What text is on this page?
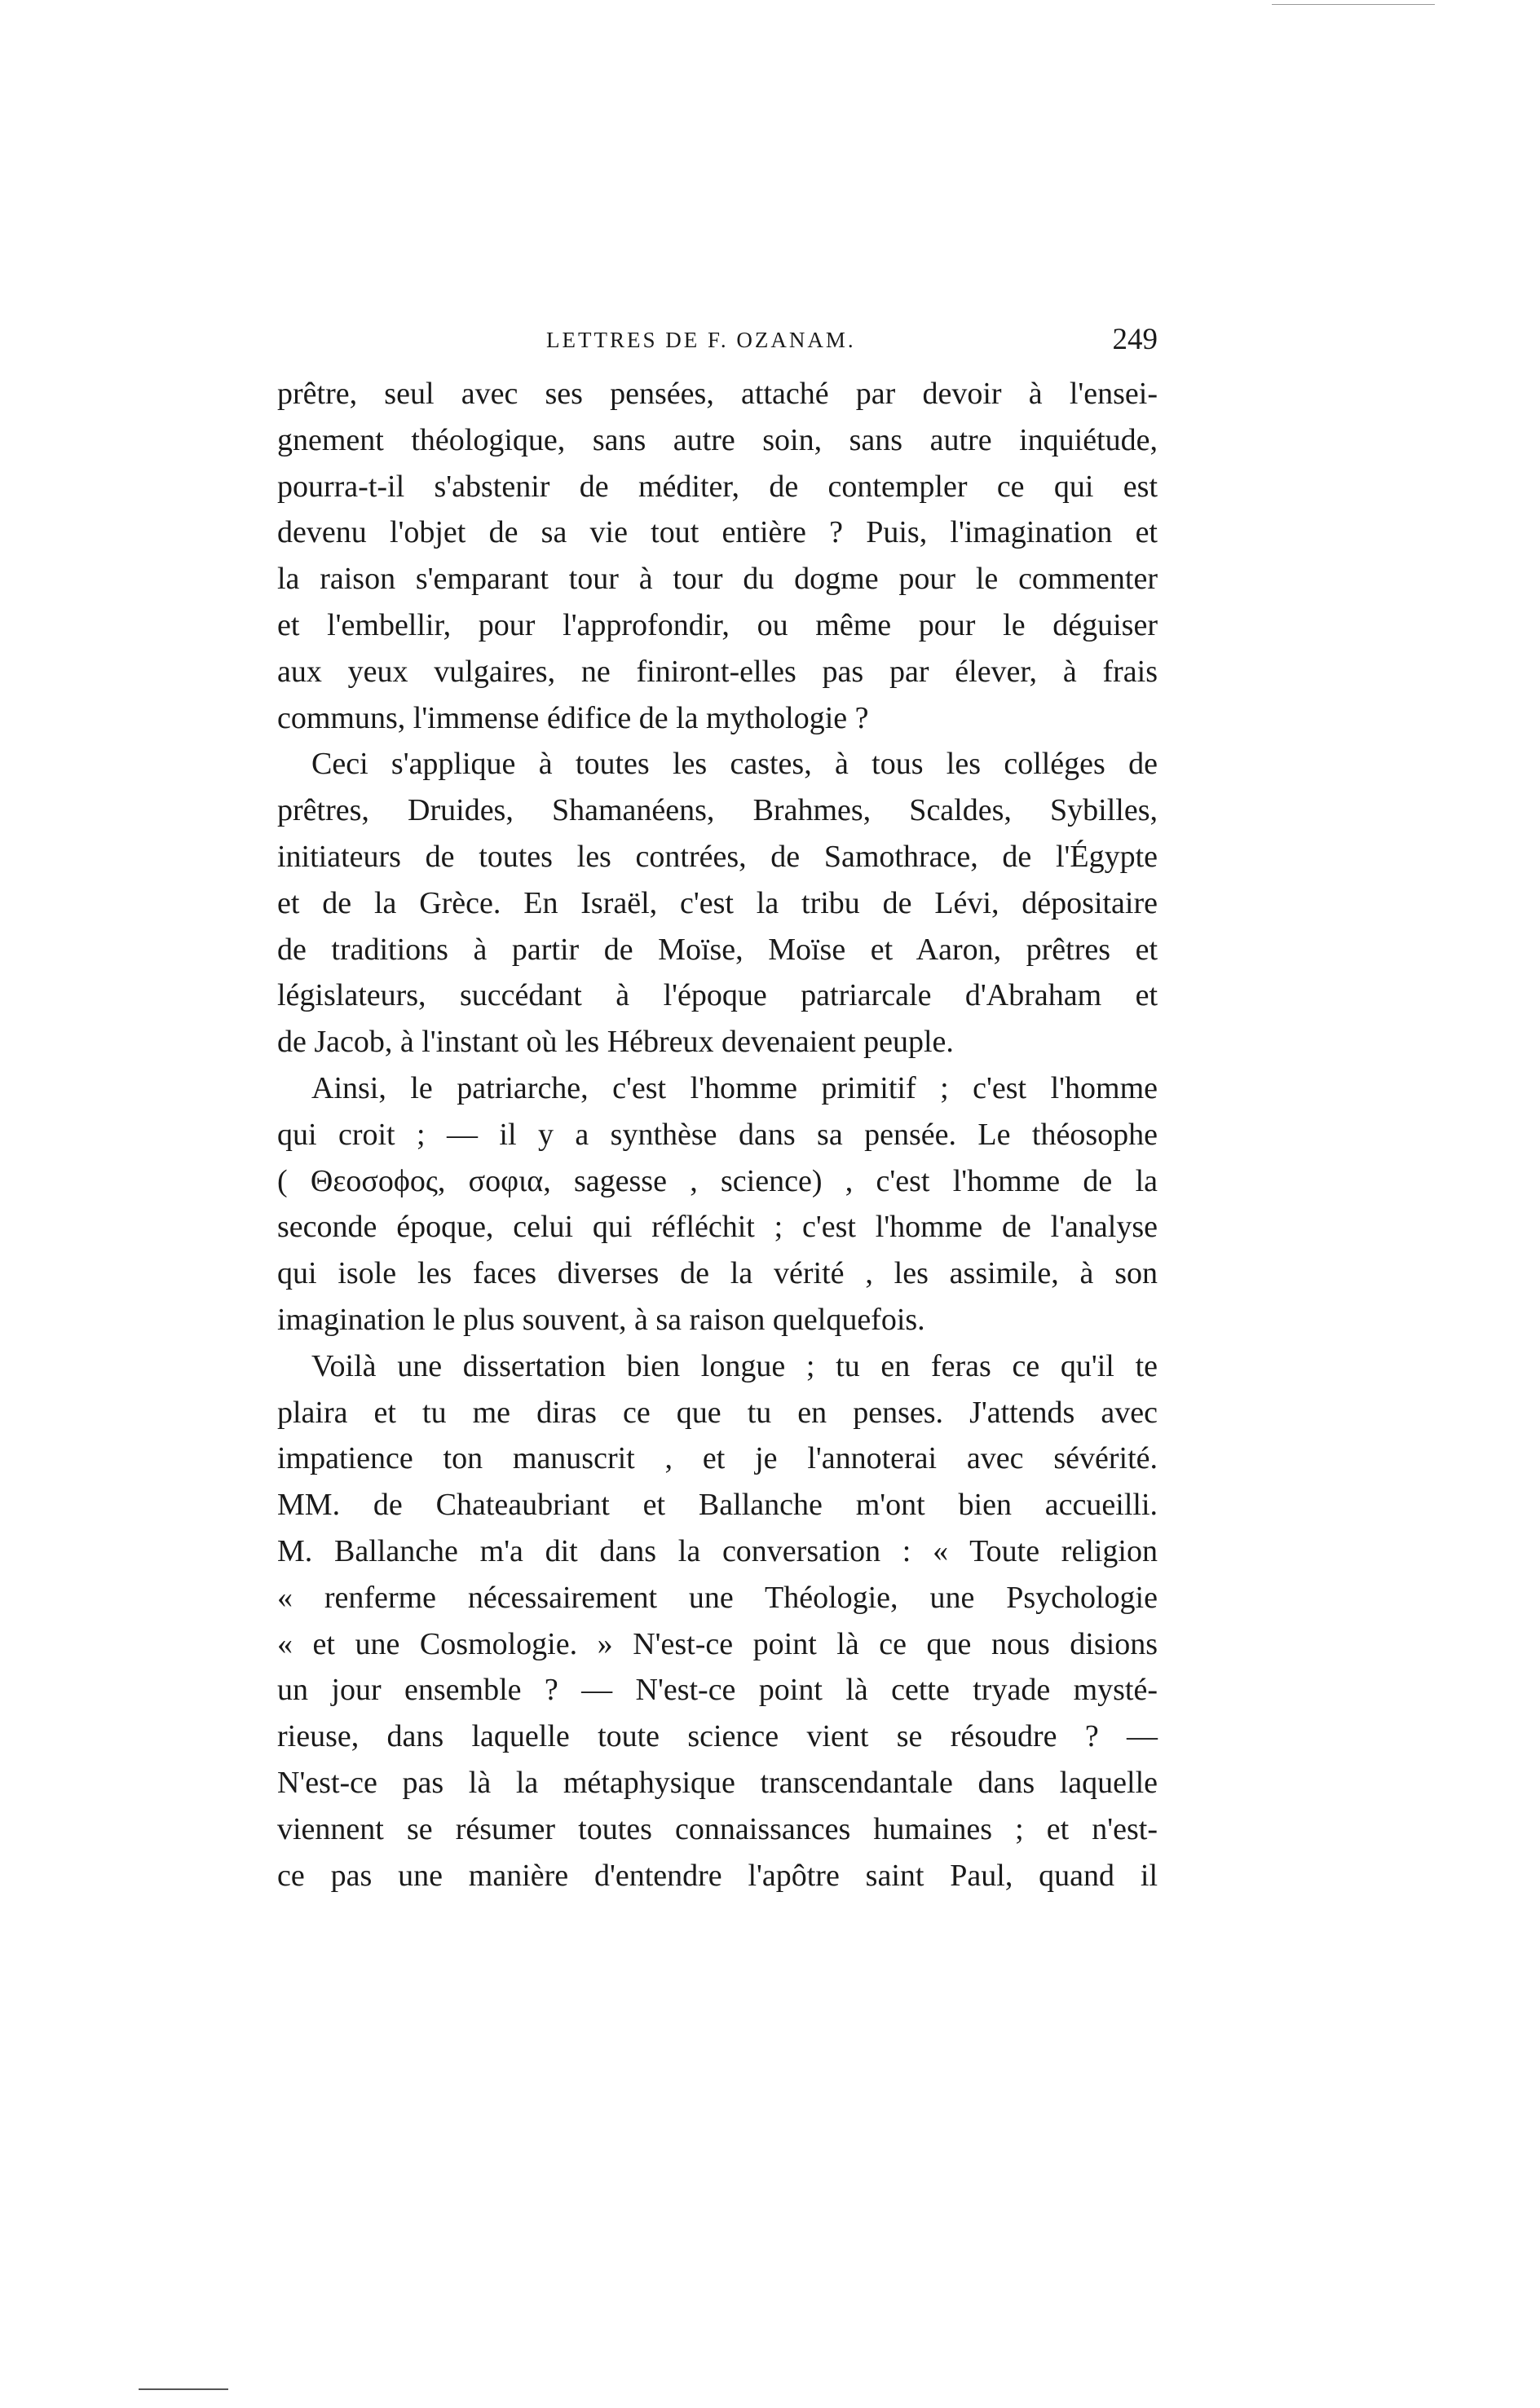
LETTRES DE F. OZANAM.	249
prêtre, seul avec ses pensées, attaché par devoir à l'ensei-
gnement théologique, sans autre soin, sans autre inquiétude,
pourra-t-il s'abstenir de méditer, de contempler ce qui est
devenu l'objet de sa vie tout entière ? Puis, l'imagination et
la raison s'emparant tour à tour du dogme pour le commenter
et l'embellir, pour l'approfondir, ou même pour le déguiser
aux yeux vulgaires, ne finiront-elles pas par élever, à frais
communs, l'immense édifice de la mythologie ?
Ceci s'applique à toutes les castes, à tous les colléges de
prêtres, Druides, Shamanéens, Brahmes, Scaldes, Sybilles,
initiateurs de toutes les contrées, de Samothrace, de l'Égypte
et de la Grèce. En Israël, c'est la tribu de Lévi, dépositaire
de traditions à partir de Moïse, Moïse et Aaron, prêtres et
législateurs, succédant à l'époque patriarcale d'Abraham et
de Jacob, à l'instant où les Hébreux devenaient peuple.
Ainsi, le patriarche, c'est l'homme primitif ; c'est l'homme
qui croit ; — il y a synthèse dans sa pensée. Le théosophe
( Θεοσοϕος, σοφια, sagesse , science) , c'est l'homme de la
seconde époque, celui qui réfléchit ; c'est l'homme de l'analyse
qui isole les faces diverses de la vérité , les assimile, à son
imagination le plus souvent, à sa raison quelquefois.
Voilà une dissertation bien longue ; tu en feras ce qu'il te
plaira et tu me diras ce que tu en penses. J'attends avec
impatience ton manuscrit , et je l'annoterai avec sévérité.
MM. de Chateaubriant et Ballanche m'ont bien accueilli.
M. Ballanche m'a dit dans la conversation : « Toute religion
« renferme nécessairement une Théologie, une Psychologie
« et une Cosmologie. » N'est-ce point là ce que nous disions
un jour ensemble ? — N'est-ce point là cette tryade mysté-
rieuse, dans laquelle toute science vient se résoudre ? —
N'est-ce pas là la métaphysique transcendantale dans laquelle
viennent se résumer toutes connaissances humaines ; et n'est-
ce pas une manière d'entendre l'apôtre saint Paul, quand il
